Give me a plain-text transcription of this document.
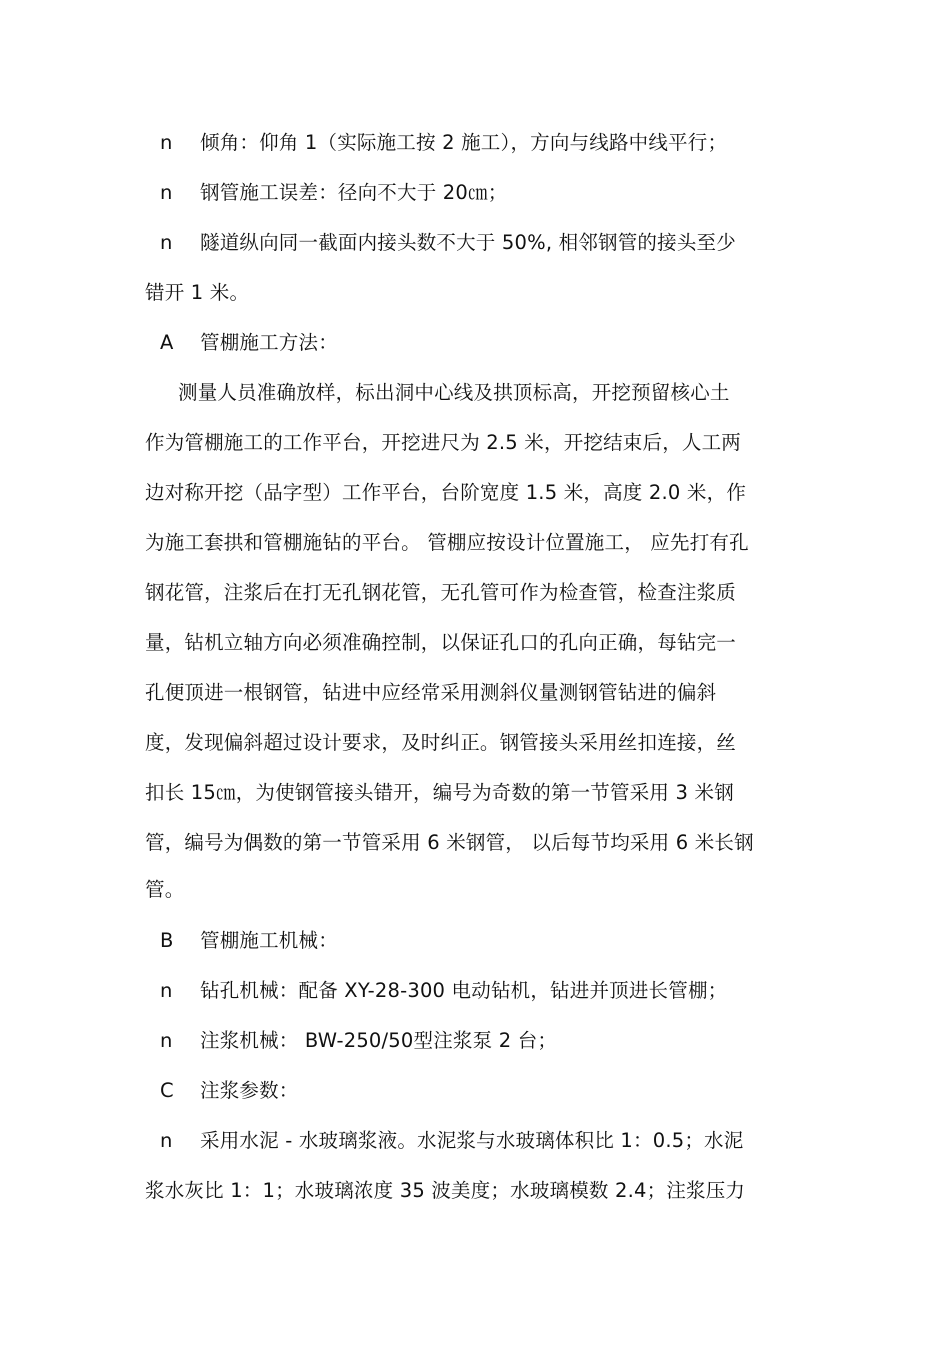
n 倾角：仰角 1（实际施工按 2 施工），方向与线路中线平行；
n 钢管施工误差：径向不大于 20㎝；
n 隧道纵向同一截面内接头数不大于 50%, 相邻钢管的接头至少
错开 1 米。
A 管棚施工方法：
测量人员准确放样，标出洞中心线及拱顶标高，开挖预留核心土
作为管棚施工的工作平台，开挖进尺为 2.5 米，开挖结束后，人工两
边对称开挖（品字型）工作平台，台阶宽度 1.5 米，高度 2.0 米，作
为施工套拱和管棚施钻的平台。 管棚应按设计位置施工， 应先打有孔
钢花管，注浆后在打无孔钢花管，无孔管可作为检查管，检查注浆质
量，钻机立轴方向必须准确控制，以保证孔口的孔向正确，每钻完一
孔便顶进一根钢管，钻进中应经常采用测斜仪量测钢管钻进的偏斜
度，发现偏斜超过设计要求，及时纠正。钢管接头采用丝扣连接，丝
扣长 15㎝，为使钢管接头错开，编号为奇数的第一节管采用 3 米钢
管，编号为偶数的第一节管采用 6 米钢管， 以后每节均采用 6 米长钢
管。
B 管棚施工机械：
n 钻孔机械：配备 XY-28-300 电动钻机，钻进并顶进长管棚；
n 注浆机械： BW-250/50型注浆泵 2 台；
C 注浆参数：
n 采用水泥 - 水玻璃浆液。水泥浆与水玻璃体积比 1：0.5；水泥
浆水灰比 1：1；水玻璃浓度 35 波美度；水玻璃模数 2.4；注浆压力
